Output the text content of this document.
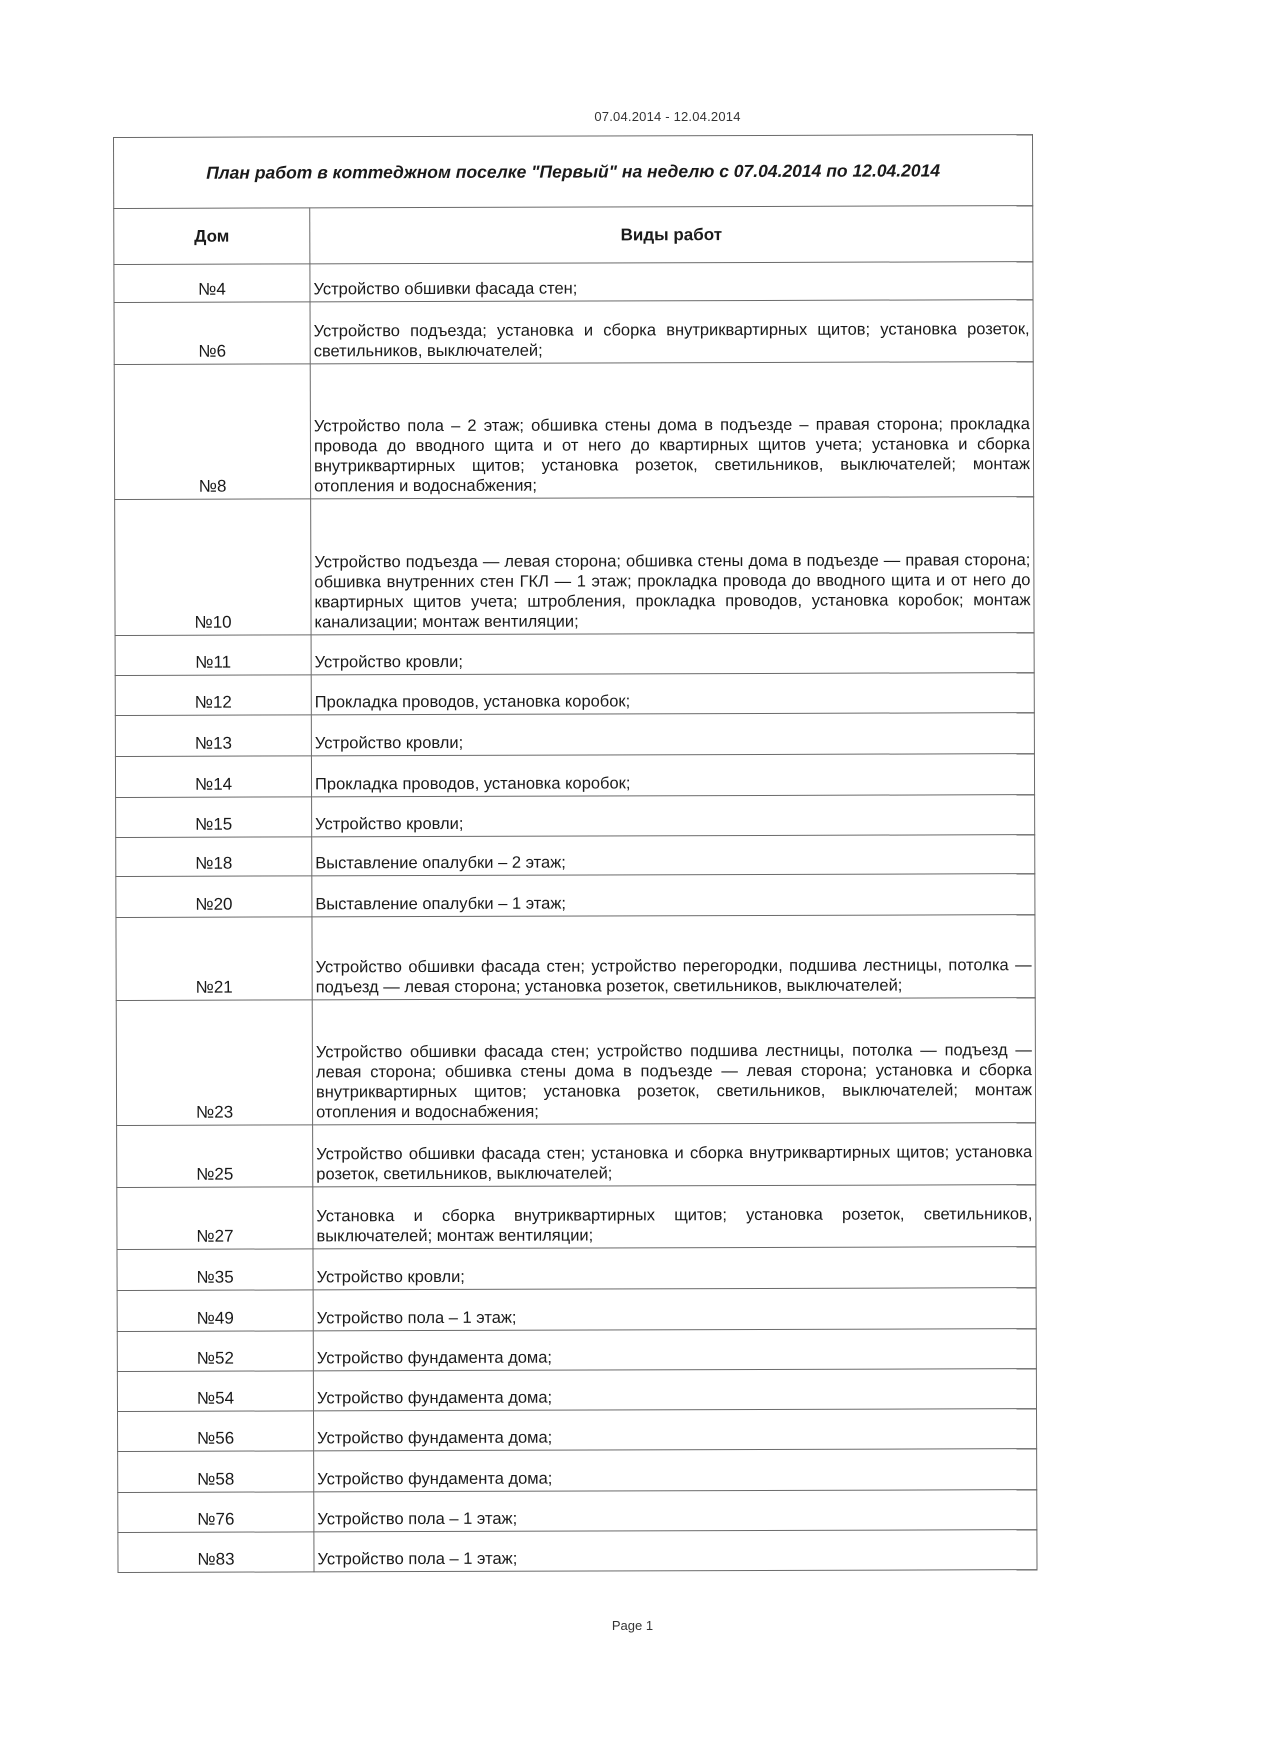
07.04.2014 - 12.04.2014
План работ в коттеджном поселке "Первый" на неделю с 07.04.2014 по 12.04.2014	
Дом	Виды работ
№4	Устройство обшивки фасада стен;
№6	Устройство подъезда; установка и сборка внутриквартирных щитов; установка розеток, светильников, выключателей;
№8	Устройство пола – 2 этаж; обшивка стены дома в подъезде – правая сторона; прокладка провода до вводного щита и от него до квартирных щитов учета; установка и сборка внутриквартирных щитов; установка розеток, светильников, выключателей; монтаж отопления и водоснабжения;
№10	Устройство подъезда — левая сторона; обшивка стены дома в подъезде — правая сторона; обшивка внутренних стен ГКЛ — 1 этаж; прокладка провода до вводного щита и от него до квартирных щитов учета; штробления, прокладка проводов, установка коробок; монтаж канализации; монтаж вентиляции;
№11	Устройство кровли;
№12	Прокладка проводов, установка коробок;
№13	Устройство кровли;
№14	Прокладка проводов, установка коробок;
№15	Устройство кровли;
№18	Выставление опалубки – 2 этаж;
№20	Выставление опалубки – 1 этаж;
№21	Устройство обшивки фасада стен; устройство перегородки, подшива лестницы, потолка — подъезд — левая сторона; установка розеток, светильников, выключателей;
№23	Устройство обшивки фасада стен; устройство подшива лестницы, потолка — подъезд — левая сторона; обшивка стены дома в подъезде — левая сторона; установка и сборка внутриквартирных щитов; установка розеток, светильников, выключателей; монтаж отопления и водоснабжения;
№25	Устройство обшивки фасада стен; установка и сборка внутриквартирных щитов; установка розеток, светильников, выключателей;
№27	Установка и сборка внутриквартирных щитов; установка розеток, светильников, выключателей; монтаж вентиляции;
№35	Устройство кровли;
№49	Устройство пола – 1 этаж;
№52	Устройство фундамента дома;
№54	Устройство фундамента дома;
№56	Устройство фундамента дома;
№58	Устройство фундамента дома;
№76	Устройство пола – 1 этаж;
№83	Устройство пола – 1 этаж;
Page 1
